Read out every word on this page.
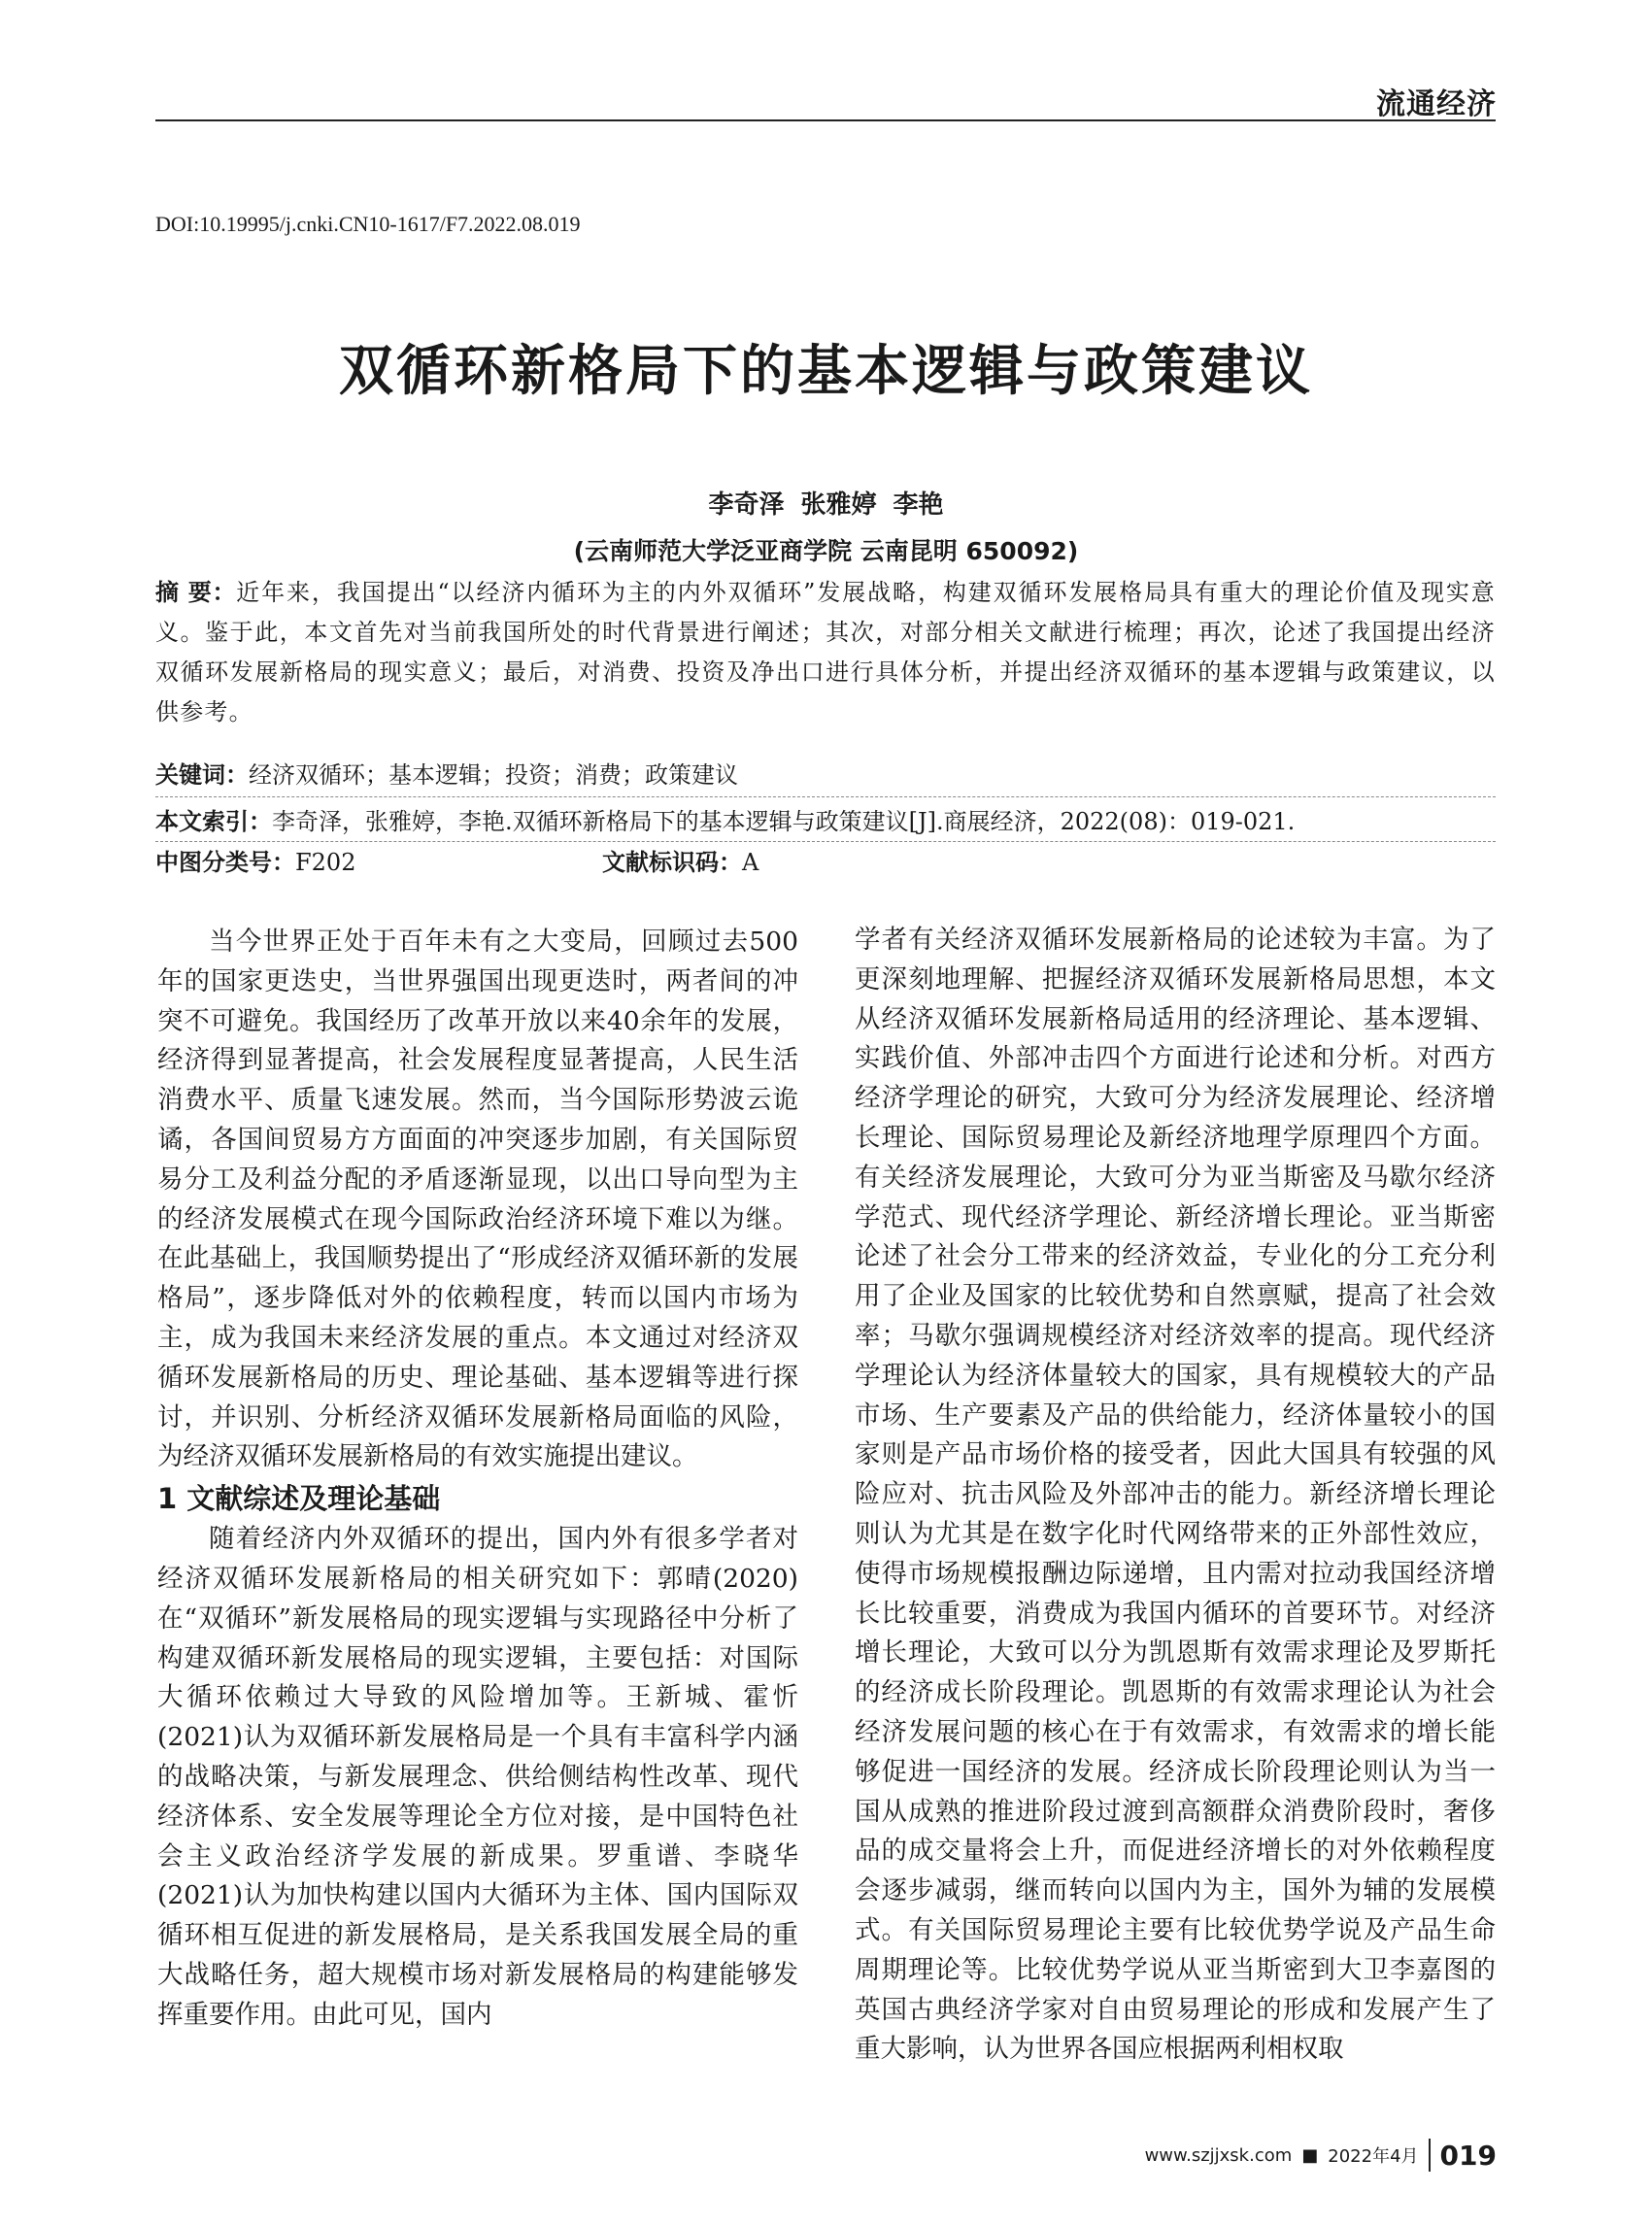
流通经济
DOI:10.19995/j.cnki.CN10-1617/F7.2022.08.019
双循环新格局下的基本逻辑与政策建议
李奇泽 张雅婷 李艳
(云南师范大学泛亚商学院 云南昆明 650092)
摘 要：近年来，我国提出“以经济内循环为主的内外双循环”发展战略，构建双循环发展格局具有重大的理论价值及现实意义。鉴于此，本文首先对当前我国所处的时代背景进行阐述；其次，对部分相关文献进行梳理；再次，论述了我国提出经济双循环发展新格局的现实意义；最后，对消费、投资及净出口进行具体分析，并提出经济双循环的基本逻辑与政策建议，以供参考。
关键词：经济双循环；基本逻辑；投资；消费；政策建议
本文索引：李奇泽，张雅婷，李艳.双循环新格局下的基本逻辑与政策建议[J].商展经济，2022(08)：019-021.
中图分类号：F202	文献标识码：A

当今世界正处于百年未有之大变局，回顾过去500年的国家更迭史，当世界强国出现更迭时，两者间的冲突不可避免。我国经历了改革开放以来40余年的发展，经济得到显著提高，社会发展程度显著提高，人民生活消费水平、质量飞速发展。然而，当今国际形势波云诡谲，各国间贸易方方面面的冲突逐步加剧，有关国际贸易分工及利益分配的矛盾逐渐显现，以出口导向型为主的经济发展模式在现今国际政治经济环境下难以为继。在此基础上，我国顺势提出了“形成经济双循环新的发展格局”，逐步降低对外的依赖程度，转而以国内市场为主，成为我国未来经济发展的重点。本文通过对经济双循环发展新格局的历史、理论基础、基本逻辑等进行探讨，并识别、分析经济双循环发展新格局面临的风险，为经济双循环发展新格局的有效实施提出建议。

1 文献综述及理论基础

随着经济内外双循环的提出，国内外有很多学者对经济双循环发展新格局的相关研究如下：郭晴(2020)在“双循环”新发展格局的现实逻辑与实现路径中分析了构建双循环新发展格局的现实逻辑，主要包括：对国际大循环依赖过大导致的风险增加等。王新城、霍忻(2021)认为双循环新发展格局是一个具有丰富科学内涵的战略决策，与新发展理念、供给侧结构性改革、现代经济体系、安全发展等理论全方位对接，是中国特色社会主义政治经济学发展的新成果。罗重谱、李晓华(2021)认为加快构建以国内大循环为主体、国内国际双循环相互促进的新发展格局，是关系我国发展全局的重大战略任务，超大规模市场对新发展格局的构建能够发挥重要作用。由此可见，国内

学者有关经济双循环发展新格局的论述较为丰富。为了更深刻地理解、把握经济双循环发展新格局思想，本文从经济双循环发展新格局适用的经济理论、基本逻辑、实践价值、外部冲击四个方面进行论述和分析。对西方经济学理论的研究，大致可分为经济发展理论、经济增长理论、国际贸易理论及新经济地理学原理四个方面。有关经济发展理论，大致可分为亚当斯密及马歇尔经济学范式、现代经济学理论、新经济增长理论。亚当斯密论述了社会分工带来的经济效益，专业化的分工充分利用了企业及国家的比较优势和自然禀赋，提高了社会效率；马歇尔强调规模经济对经济效率的提高。现代经济学理论认为经济体量较大的国家，具有规模较大的产品市场、生产要素及产品的供给能力，经济体量较小的国家则是产品市场价格的接受者，因此大国具有较强的风险应对、抗击风险及外部冲击的能力。新经济增长理论则认为尤其是在数字化时代网络带来的正外部性效应，使得市场规模报酬边际递增，且内需对拉动我国经济增长比较重要，消费成为我国内循环的首要环节。对经济增长理论，大致可以分为凯恩斯有效需求理论及罗斯托的经济成长阶段理论。凯恩斯的有效需求理论认为社会经济发展问题的核心在于有效需求，有效需求的增长能够促进一国经济的发展。经济成长阶段理论则认为当一国从成熟的推进阶段过渡到高额群众消费阶段时，奢侈品的成交量将会上升，而促进经济增长的对外依赖程度会逐步减弱，继而转向以国内为主，国外为辅的发展模式。有关国际贸易理论主要有比较优势学说及产品生命周期理论等。比较优势学说从亚当斯密到大卫李嘉图的英国古典经济学家对自由贸易理论的形成和发展产生了重大影响，认为世界各国应根据两利相权取

www.szjjxsk.com ■ 2022年4月 019
